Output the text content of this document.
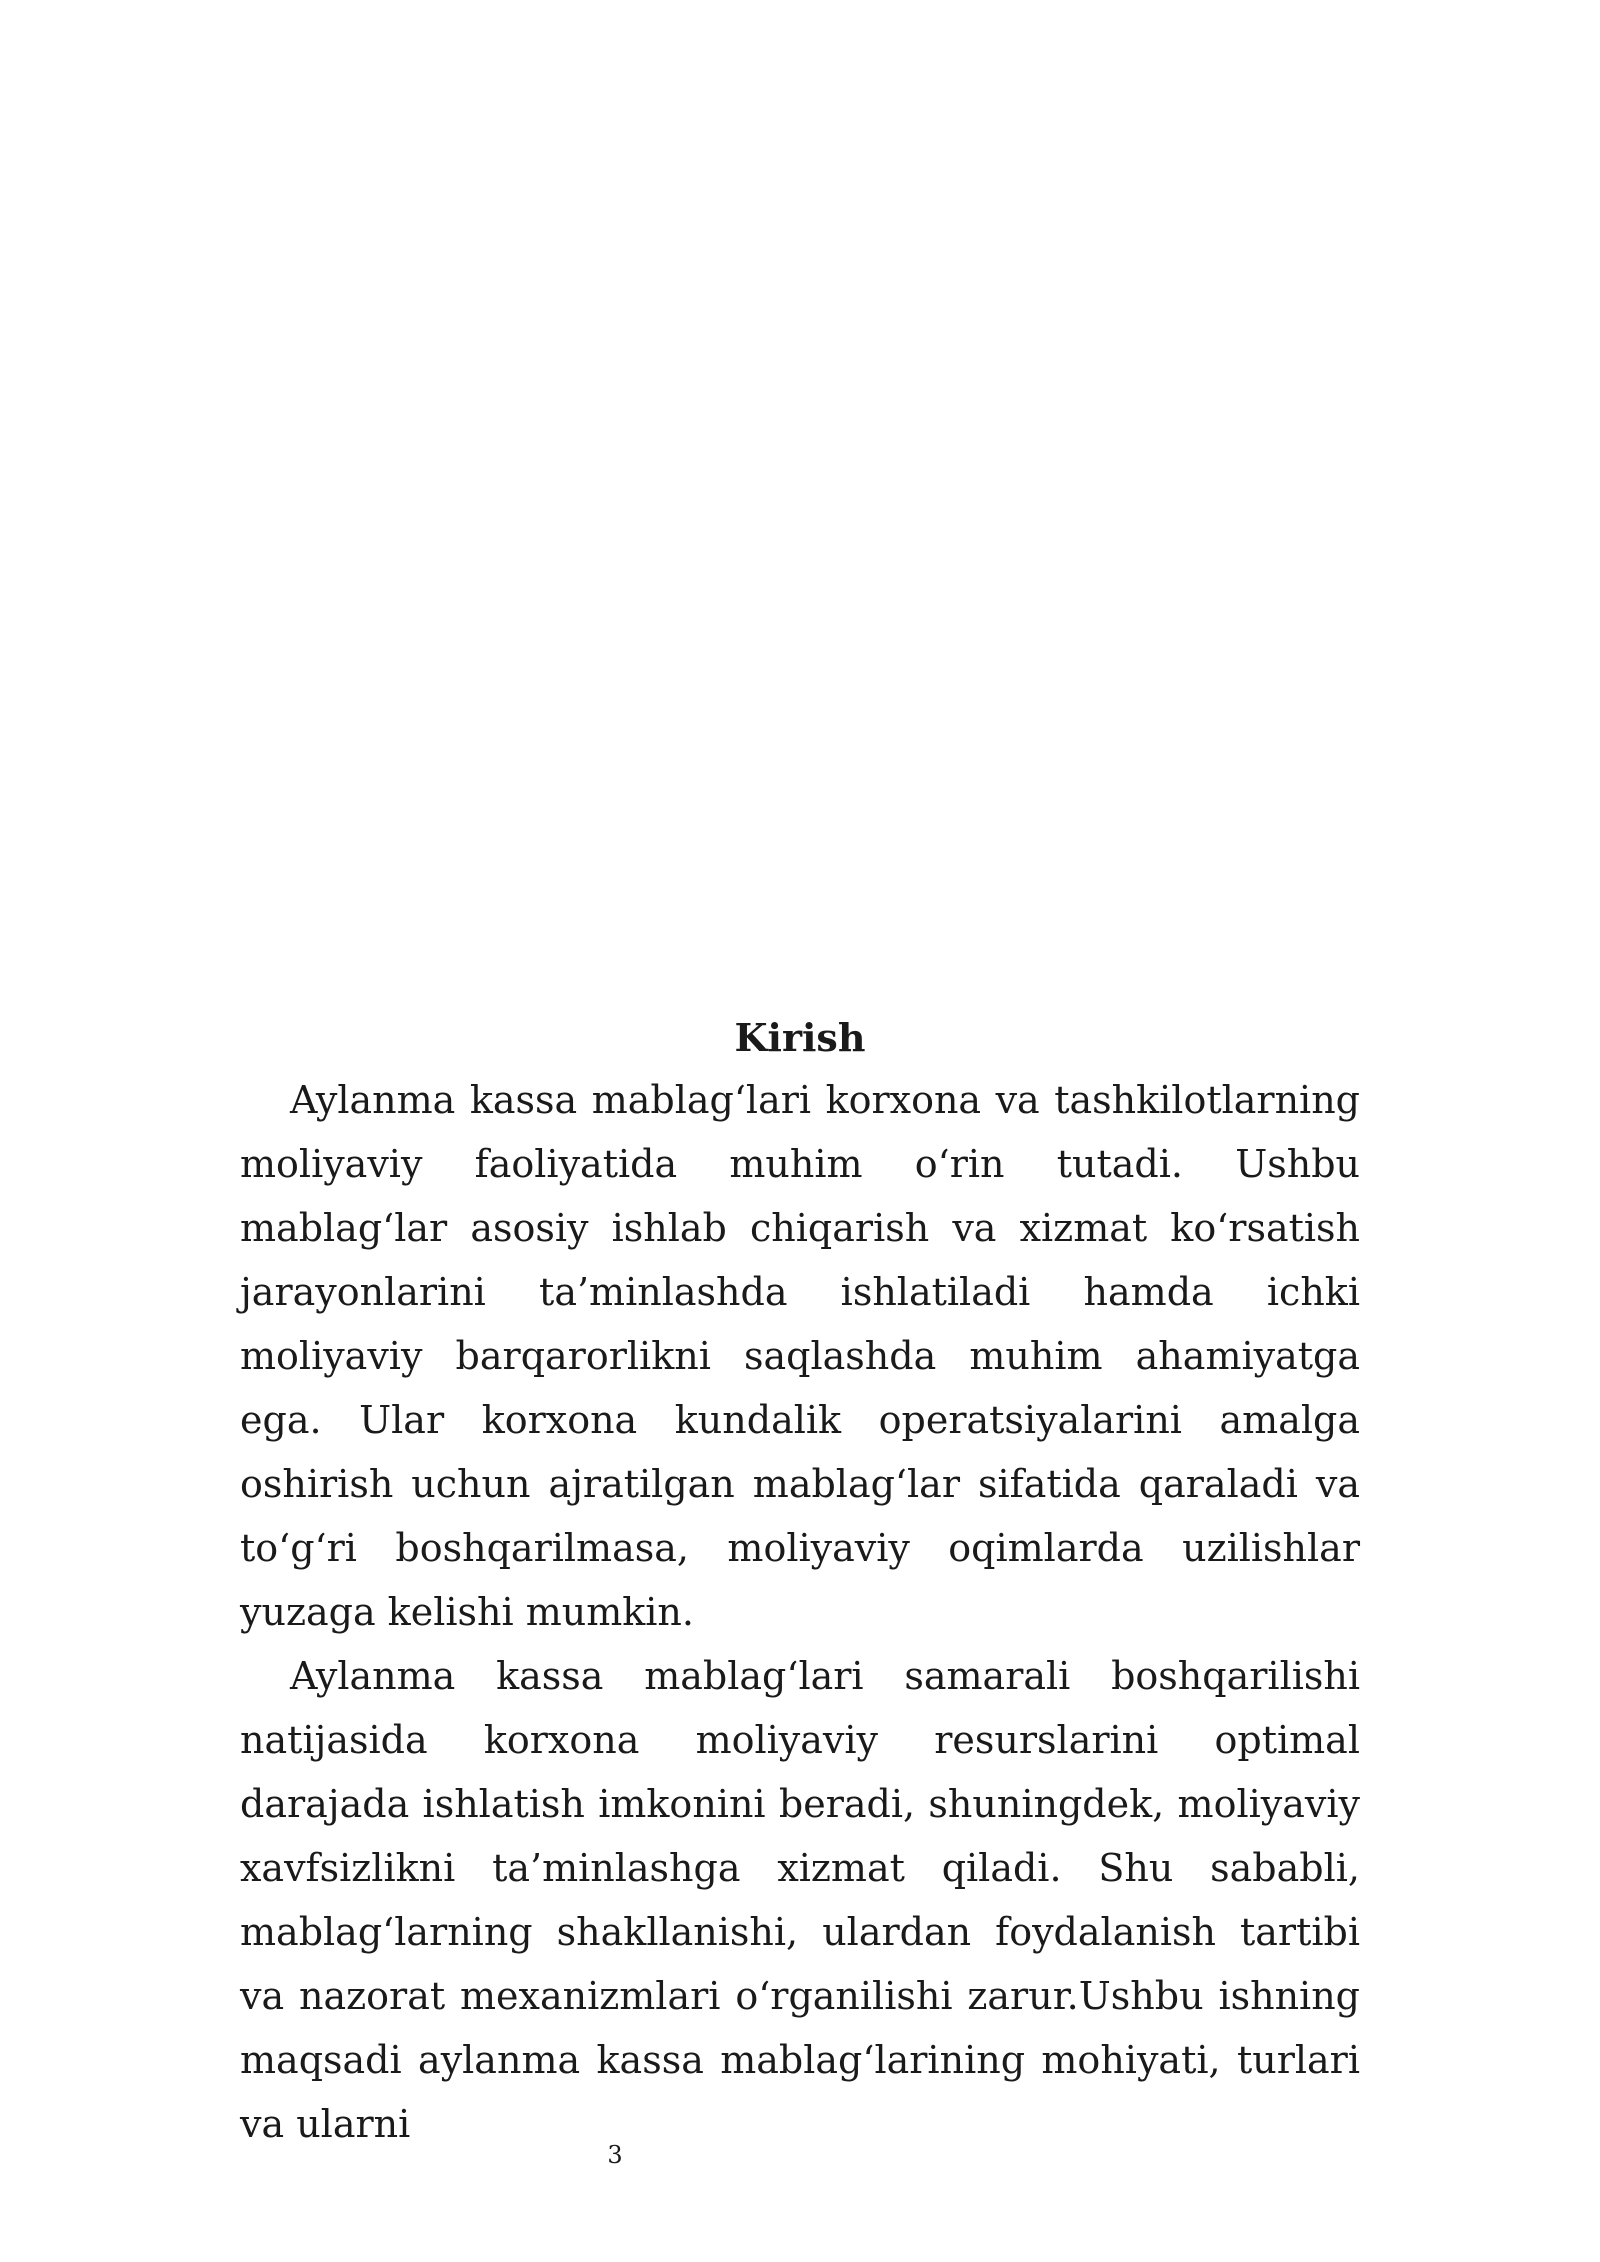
Kirish

Aylanma kassa mablag‘lari korxona va tashkilotlarning moliyaviy faoliyatida muhim o‘rin tutadi. Ushbu mablag‘lar asosiy ishlab chiqarish va xizmat ko‘rsatish jarayonlarini ta’minlashda ishlatiladi hamda ichki moliyaviy barqarorlikni saqlashda muhim ahamiyatga ega. Ular korxona kundalik operatsiyalarini amalga oshirish uchun ajratilgan mablag‘lar sifatida qaraladi va to‘g‘ri boshqarilmasa, moliyaviy oqimlarda uzilishlar yuzaga kelishi mumkin.

Aylanma kassa mablag‘lari samarali boshqarilishi natijasida korxona moliyaviy resurslarini optimal darajada ishlatish imkonini beradi, shuningdek, moliyaviy xavfsizlikni ta’minlashga xizmat qiladi. Shu sababli, mablag‘larning shakllanishi, ulardan foydalanish tartibi va nazorat mexanizmlari o‘rganilishi zarur.Ushbu ishning maqsadi aylanma kassa mablag‘larining mohiyati, turlari va ularni

3
